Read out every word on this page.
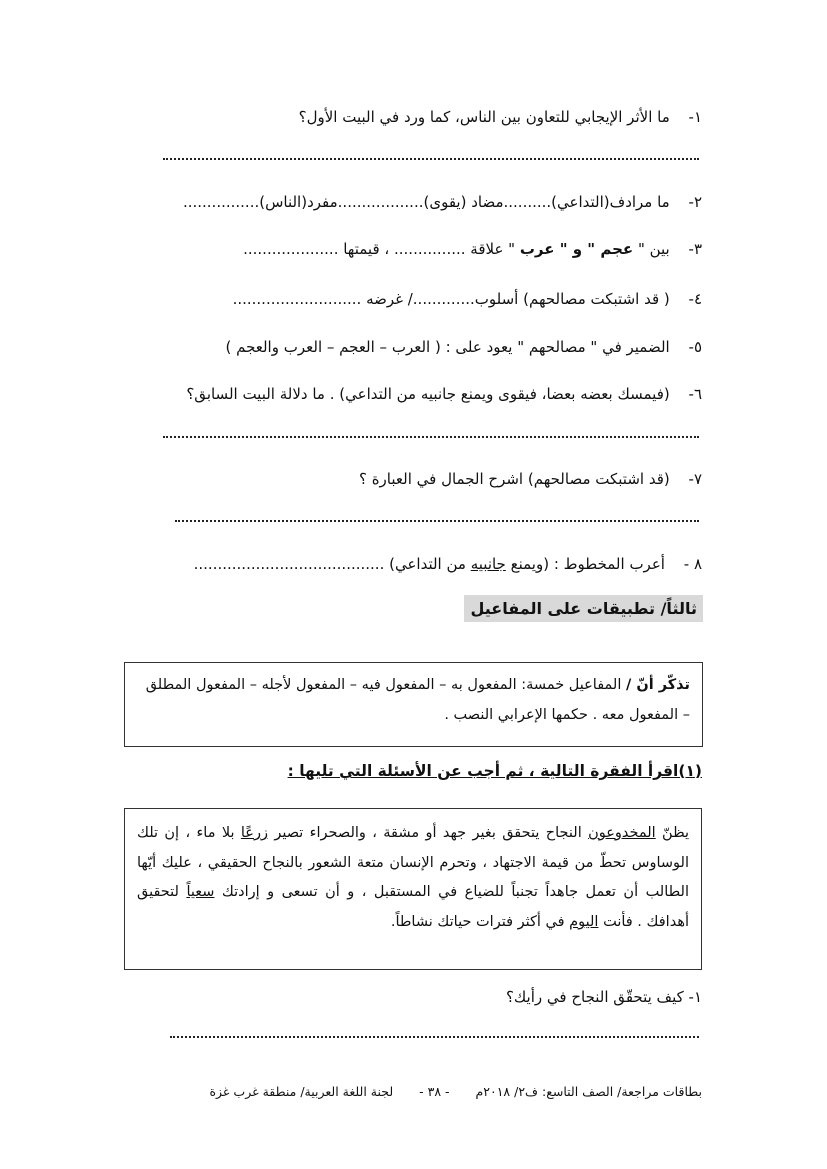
١- ما الأثر الإيجابي للتعاون بين الناس، كما ورد في البيت الأول؟
٢- ما مرادف(التداعي)..........مضاد (يقوى)..................مفرد(الناس)................
٣- بين " عجم " و " عرب " علاقة ............... ، قيمتها ....................
٤- ( قد اشتبكت مصالحهم) أسلوب............./ غرضه ...........................
٥- الضمير في " مصالحهم " يعود على : ( العرب – العجم – العرب والعجم )
٦- (فيمسك بعضه بعضا، فيقوى ويمنع جانبيه من التداعي) . ما دلالة البيت السابق؟
٧- (قد اشتبكت مصالحهم) اشرح الجمال في العبارة ؟
٨ - أعرب المخطوط : (ويمنع جانبيه من التداعي) ........................................
ثالثاً/ تطبيقات على المفاعيل
تذكّر أنّ / المفاعيل خمسة: المفعول به – المفعول فيه – المفعول لأجله – المفعول المطلق – المفعول معه . حكمها الإعرابي النصب .
(١)اقرأ الفقرة التالية ، ثم أجب عن الأسئلة التي تليها :
يظنّ المخدوعون النجاح يتحقق بغير جهد أو مشقة ، والصحراء تصير زرعًا بلا ماء ، إن تلك الوساوس تحطّ من قيمة الاجتهاد ، وتحرم الإنسان متعة الشعور بالنجاح الحقيقي ، عليك أيّها الطالب أن تعمل جاهداً تجنباً للضياع في المستقبل ، و أن تسعى و إرادتك سعياً لتحقيق أهدافك . فأنت اليوم في أكثر فترات حياتك نشاطاً.
١- كيف يتحقّق النجاح في رأيك؟
بطاقات مراجعة/ الصف التاسع: ف٢/ ٢٠١٨م - ٣٨ - لجنة اللغة العربية/ منطقة غرب غزة
